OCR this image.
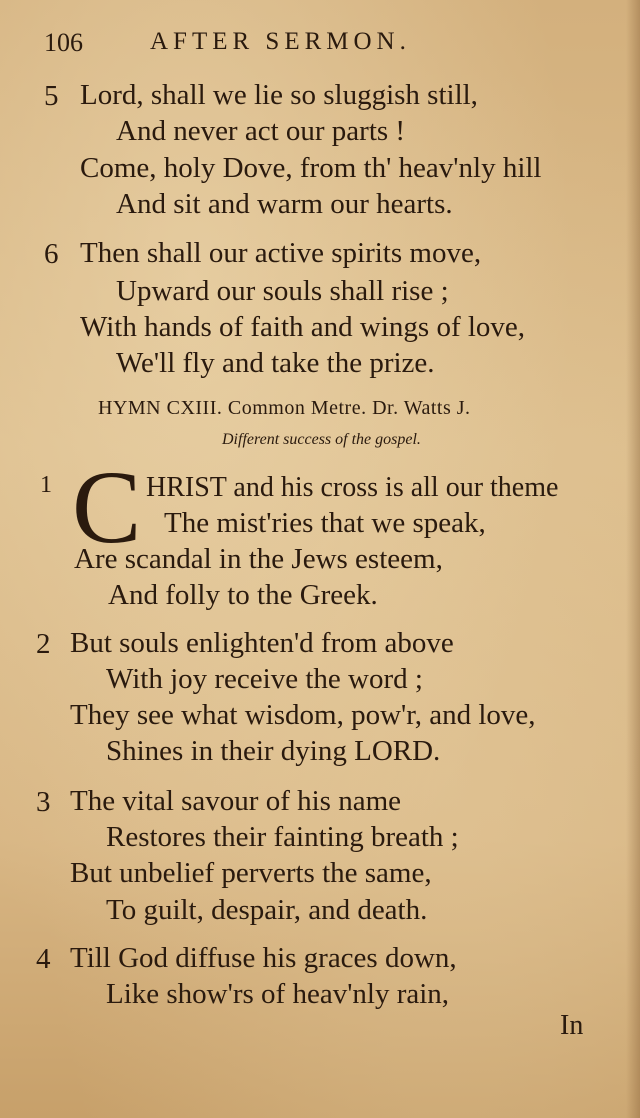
106	AFTER SERMON.
5 Lord, shall we lie so sluggish still,
And never act our parts !
Come, holy Dove, from th' heav'nly hill
And sit and warm our hearts.
6 Then shall our active spirits move,
Upward our souls shall rise ;
With hands of faith and wings of love,
We'll fly and take the prize.
HYMN CXIII. Common Metre. Dr. Watts J.
Different success of the gospel.
1 C HRIST and his cross is all our theme
The mist'ries that we speak,
Are scandal in the Jews esteem,
And folly to the Greek.
2 But souls enlighten'd from above
With joy receive the word ;
They see what wisdom, pow'r, and love,
Shines in their dying LORD.
3 The vital savour of his name
Restores their fainting breath ;
But unbelief perverts the same,
To guilt, despair, and death.
4 Till God diffuse his graces down,
Like show'rs of heav'nly rain,
In
